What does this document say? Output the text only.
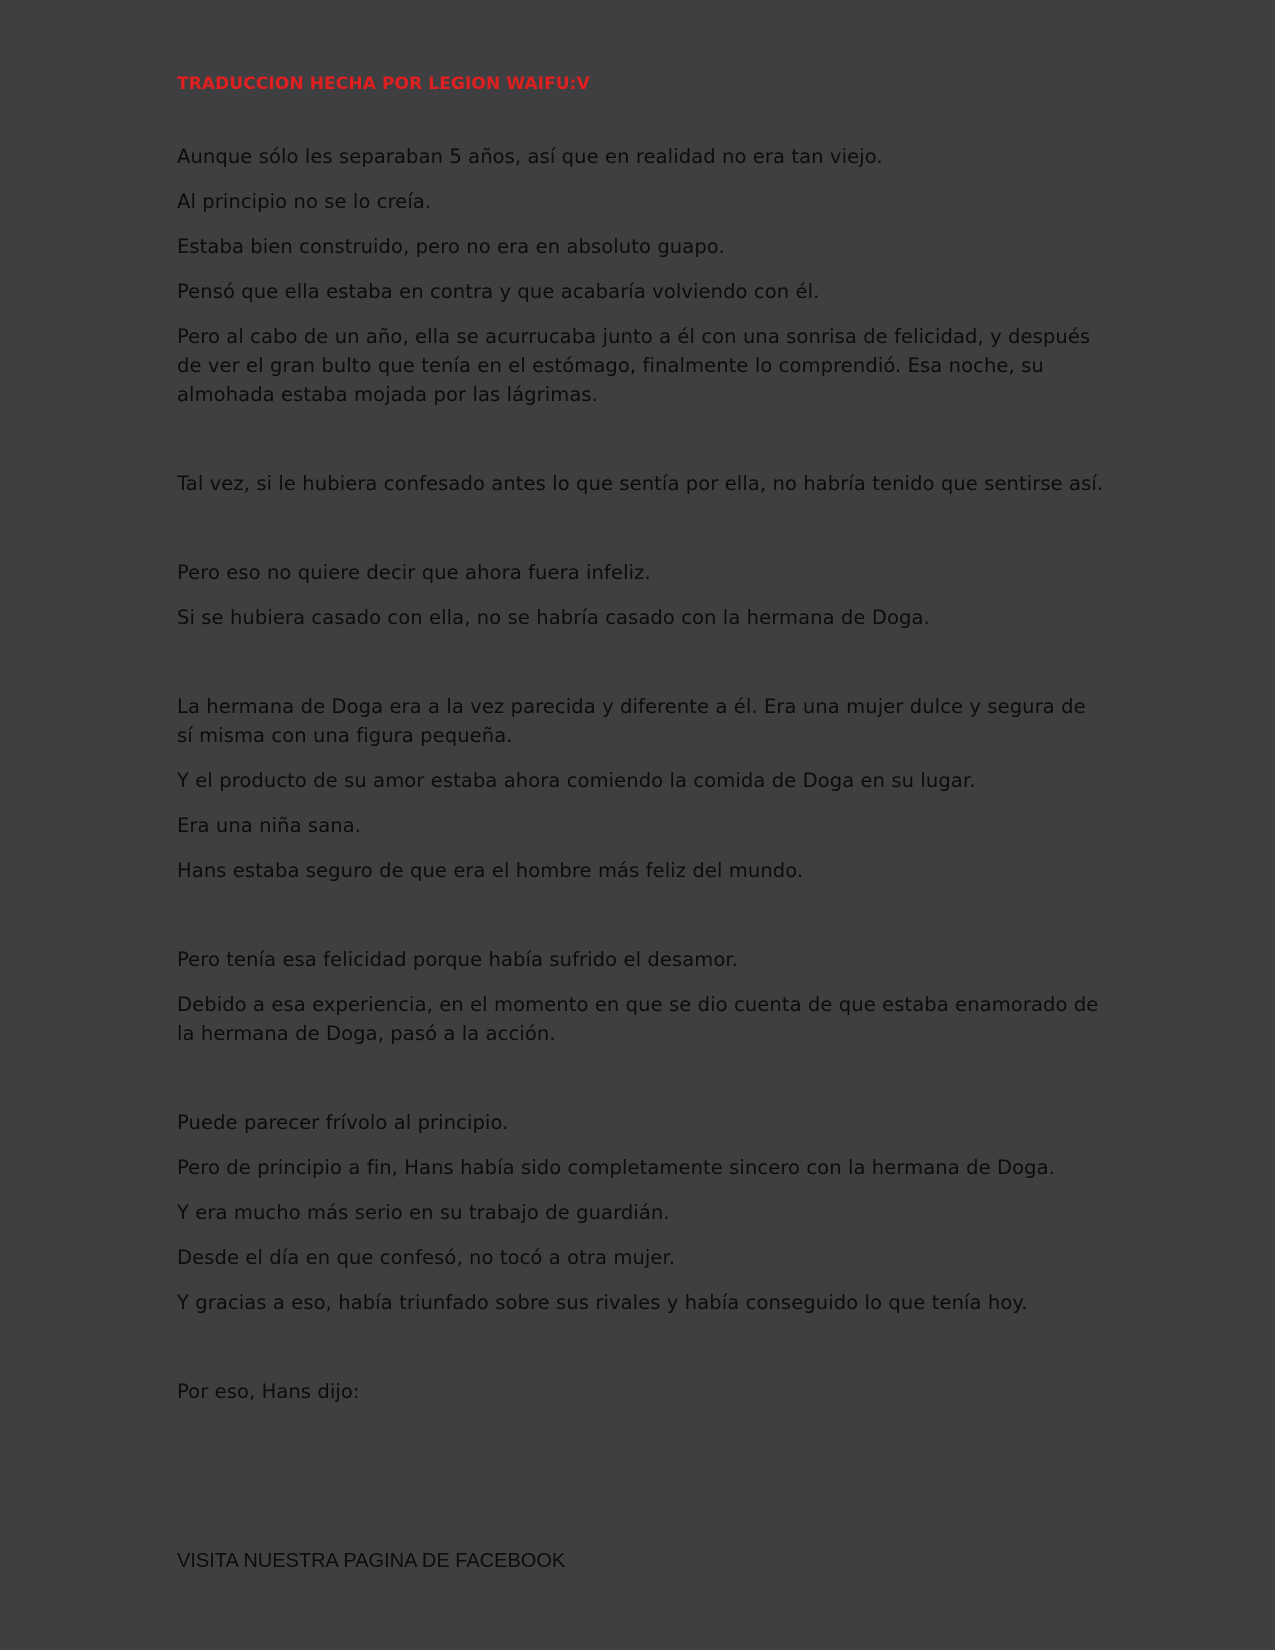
TRADUCCION HECHA POR LEGION WAIFU:V

Aunque sólo les separaban 5 años, así que en realidad no era tan viejo.

Al principio no se lo creía.

Estaba bien construido, pero no era en absoluto guapo.

Pensó que ella estaba en contra y que acabaría volviendo con él.

Pero al cabo de un año, ella se acurrucaba junto a él con una sonrisa de felicidad, y después de ver el gran bulto que tenía en el estómago, finalmente lo comprendió. Esa noche, su almohada estaba mojada por las lágrimas.

Tal vez, si le hubiera confesado antes lo que sentía por ella, no habría tenido que sentirse así.

Pero eso no quiere decir que ahora fuera infeliz.

Si se hubiera casado con ella, no se habría casado con la hermana de Doga.

La hermana de Doga era a la vez parecida y diferente a él. Era una mujer dulce y segura de sí misma con una figura pequeña.

Y el producto de su amor estaba ahora comiendo la comida de Doga en su lugar.

Era una niña sana.

Hans estaba seguro de que era el hombre más feliz del mundo.

Pero tenía esa felicidad porque había sufrido el desamor.

Debido a esa experiencia, en el momento en que se dio cuenta de que estaba enamorado de la hermana de Doga, pasó a la acción.

Puede parecer frívolo al principio.

Pero de principio a fin, Hans había sido completamente sincero con la hermana de Doga.

Y era mucho más serio en su trabajo de guardián.

Desde el día en que confesó, no tocó a otra mujer.

Y gracias a eso, había triunfado sobre sus rivales y había conseguido lo que tenía hoy.

Por eso, Hans dijo:

VISITA NUESTRA PAGINA DE FACEBOOK
